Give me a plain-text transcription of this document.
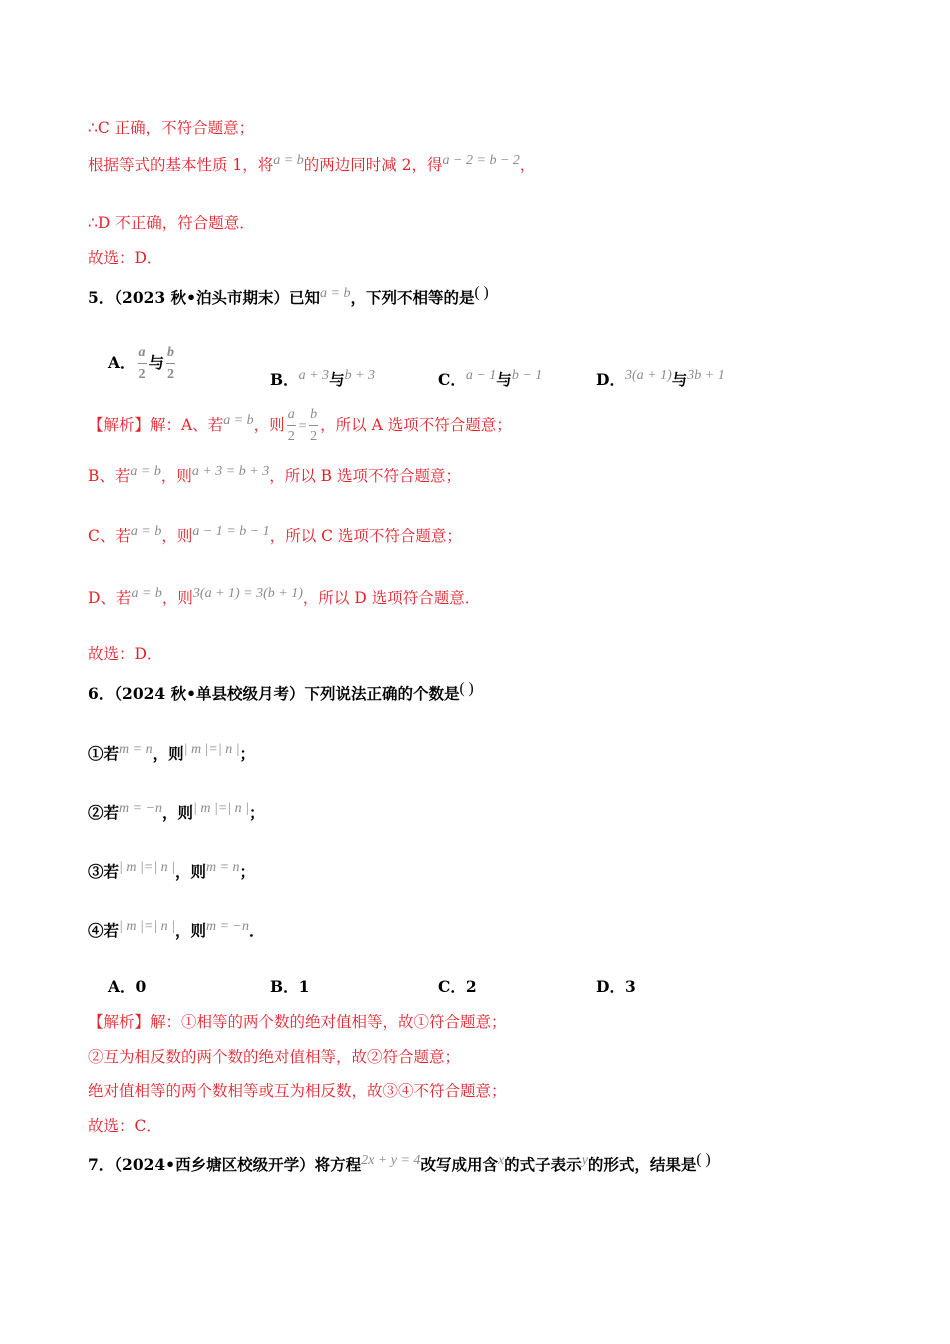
∴C 正确，不符合题意；
根据等式的基本性质 1，将a = b的两边同时减 2，得a − 2 = b − 2，
∴D 不正确，符合题意．
故选：D．
5．（2023 秋•泊头市期末）已知a = b，下列不相等的是( )
A． $\frac{a}{2}$ 与 $\frac{b}{2}$	B．a + 3与b + 3	C．a − 1与b − 1	D．3(a + 1)与3b + 1
【解析】解：A、若a = b，则 $\frac{a}{2} = \frac{b}{2}$ ，所以 A 选项不符合题意；
B、若a = b，则a + 3 = b + 3，所以 B 选项不符合题意；
C、若a = b，则a − 1 = b − 1，所以 C 选项不符合题意；
D、若a = b，则3(a + 1) = 3(b + 1)，所以 D 选项符合题意．
故选：D．
6．（2024 秋•单县校级月考）下列说法正确的个数是( )
①若m = n，则| m |=| n |；
②若m = −n，则| m |=| n |；
③若| m |=| n |，则m = n；
④若| m |=| n |，则m = −n．
A．0	B．1	C．2	D．3
【解析】解：①相等的两个数的绝对值相等，故①符合题意；
②互为相反数的两个数的绝对值相等，故②符合题意；
绝对值相等的两个数相等或互为相反数，故③④不符合题意；
故选：C．
7．（2024•西乡塘区校级开学）将方程2x + y = 4改写成用含x的式子表示y的形式，结果是( )
